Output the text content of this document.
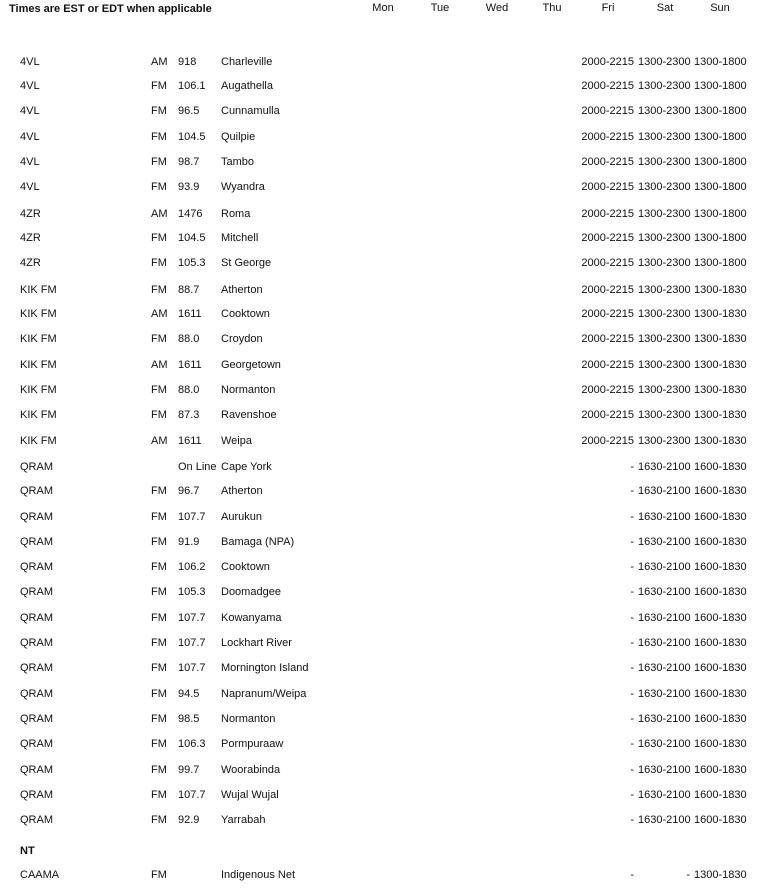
Times are EST or EDT when applicable	Mon	Tue	Wed	Thu	Fri	Sat	Sun
4VL	AM 918 Charleville	2000-2215 1300-2300 1300-1800
4VL	FM 106.1 Augathella	2000-2215 1300-2300 1300-1800
4VL	FM 96.5 Cunnamulla	2000-2215 1300-2300 1300-1800
4VL	FM 104.5 Quilpie	2000-2215 1300-2300 1300-1800
4VL	FM 98.7 Tambo	2000-2215 1300-2300 1300-1800
4VL	FM 93.9 Wyandra	2000-2215 1300-2300 1300-1800
4ZR	AM 1476 Roma	2000-2215 1300-2300 1300-1800
4ZR	FM 104.5 Mitchell	2000-2215 1300-2300 1300-1800
4ZR	FM 105.3 St George	2000-2215 1300-2300 1300-1800
KIK FM	FM 88.7 Atherton	2000-2215 1300-2300 1300-1830
KIK FM	AM 1611 Cooktown	2000-2215 1300-2300 1300-1830
KIK FM	FM 88.0 Croydon	2000-2215 1300-2300 1300-1830
KIK FM	AM 1611 Georgetown	2000-2215 1300-2300 1300-1830
KIK FM	FM 88.0 Normanton	2000-2215 1300-2300 1300-1830
KIK FM	FM 87.3 Ravenshoe	2000-2215 1300-2300 1300-1830
KIK FM	AM 1611 Weipa	2000-2215 1300-2300 1300-1830
QRAM	On Line Cape York	- 1630-2100 1600-1830
QRAM	FM 96.7 Atherton	- 1630-2100 1600-1830
QRAM	FM 107.7 Aurukun	- 1630-2100 1600-1830
QRAM	FM 91.9 Bamaga (NPA)	- 1630-2100 1600-1830
QRAM	FM 106.2 Cooktown	- 1630-2100 1600-1830
QRAM	FM 105.3 Doomadgee	- 1630-2100 1600-1830
QRAM	FM 107.7 Kowanyama	- 1630-2100 1600-1830
QRAM	FM 107.7 Lockhart River	- 1630-2100 1600-1830
QRAM	FM 107.7 Mornington Island	- 1630-2100 1600-1830
QRAM	FM 94.5 Napranum/Weipa	- 1630-2100 1600-1830
QRAM	FM 98.5 Normanton	- 1630-2100 1600-1830
QRAM	FM 106.3 Pormpuraaw	- 1630-2100 1600-1830
QRAM	FM 99.7 Woorabinda	- 1630-2100 1600-1830
QRAM	FM 107.7 Wujal Wujal	- 1630-2100 1600-1830
QRAM	FM 92.9 Yarrabah	- 1630-2100 1600-1830
CAAMA	FM	Indigenous Net	-	- 1300-1830
NT
